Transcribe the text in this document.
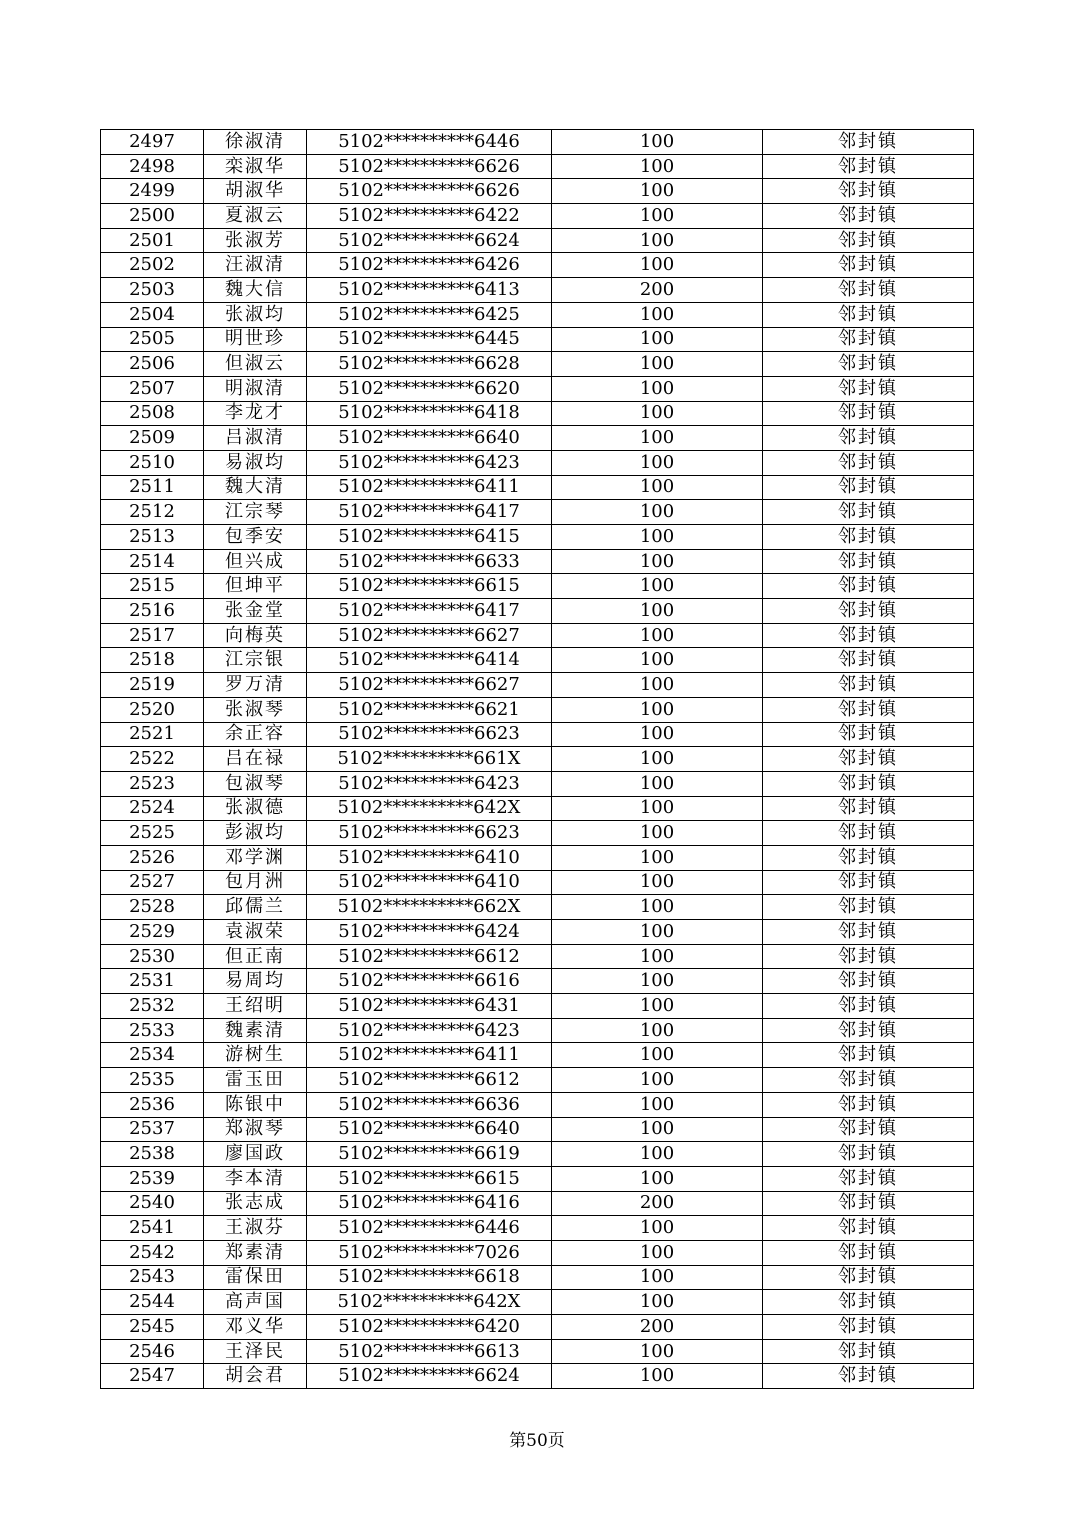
2497	徐淑清	5102**********6446	100	邻封镇
2498	栾淑华	5102**********6626	100	邻封镇
2499	胡淑华	5102**********6626	100	邻封镇
2500	夏淑云	5102**********6422	100	邻封镇
2501	张淑芳	5102**********6624	100	邻封镇
2502	汪淑清	5102**********6426	100	邻封镇
2503	魏大信	5102**********6413	200	邻封镇
2504	张淑均	5102**********6425	100	邻封镇
2505	明世珍	5102**********6445	100	邻封镇
2506	但淑云	5102**********6628	100	邻封镇
2507	明淑清	5102**********6620	100	邻封镇
2508	李龙才	5102**********6418	100	邻封镇
2509	吕淑清	5102**********6640	100	邻封镇
2510	易淑均	5102**********6423	100	邻封镇
2511	魏大清	5102**********6411	100	邻封镇
2512	江宗琴	5102**********6417	100	邻封镇
2513	包季安	5102**********6415	100	邻封镇
2514	但兴成	5102**********6633	100	邻封镇
2515	但坤平	5102**********6615	100	邻封镇
2516	张金堂	5102**********6417	100	邻封镇
2517	向梅英	5102**********6627	100	邻封镇
2518	江宗银	5102**********6414	100	邻封镇
2519	罗万清	5102**********6627	100	邻封镇
2520	张淑琴	5102**********6621	100	邻封镇
2521	余正容	5102**********6623	100	邻封镇
2522	吕在禄	5102**********661X	100	邻封镇
2523	包淑琴	5102**********6423	100	邻封镇
2524	张淑德	5102**********642X	100	邻封镇
2525	彭淑均	5102**********6623	100	邻封镇
2526	邓学渊	5102**********6410	100	邻封镇
2527	包月洲	5102**********6410	100	邻封镇
2528	邱儒兰	5102**********662X	100	邻封镇
2529	袁淑荣	5102**********6424	100	邻封镇
2530	但正南	5102**********6612	100	邻封镇
2531	易周均	5102**********6616	100	邻封镇
2532	王绍明	5102**********6431	100	邻封镇
2533	魏素清	5102**********6423	100	邻封镇
2534	游树生	5102**********6411	100	邻封镇
2535	雷玉田	5102**********6612	100	邻封镇
2536	陈银中	5102**********6636	100	邻封镇
2537	郑淑琴	5102**********6640	100	邻封镇
2538	廖国政	5102**********6619	100	邻封镇
2539	李本清	5102**********6615	100	邻封镇
2540	张志成	5102**********6416	200	邻封镇
2541	王淑芬	5102**********6446	100	邻封镇
2542	郑素清	5102**********7026	100	邻封镇
2543	雷保田	5102**********6618	100	邻封镇
2544	高声国	5102**********642X	100	邻封镇
2545	邓义华	5102**********6420	200	邻封镇
2546	王泽民	5102**********6613	100	邻封镇
2547	胡会君	5102**********6624	100	邻封镇
第50页
